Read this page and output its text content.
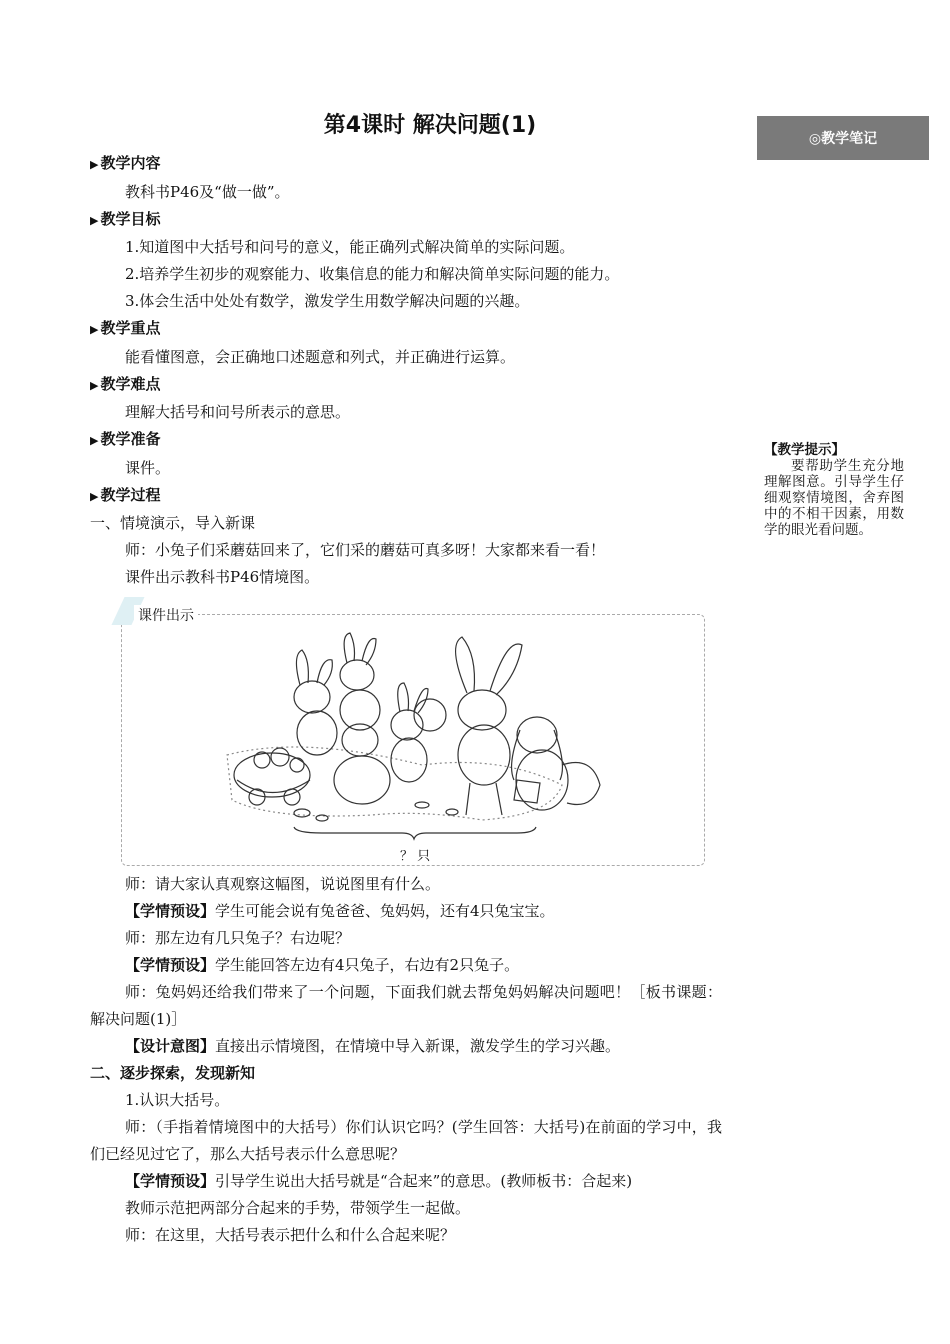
第4课时 解决问题(1)
◎教学笔记
【教学提示】
要帮助学生充分地理解图意。引导学生仔细观察情境图，舍弃图中的不相干因素，用数学的眼光看问题。
▶ 教学内容
教科书P46及“做一做”。
▶ 教学目标
1.知道图中大括号和问号的意义，能正确列式解决简单的实际问题。
2.培养学生初步的观察能力、收集信息的能力和解决简单实际问题的能力。
3.体会生活中处处有数学，激发学生用数学解决问题的兴趣。
▶ 教学重点
能看懂图意，会正确地口述题意和列式，并正确进行运算。
▶ 教学难点
理解大括号和问号所表示的意思。
▶ 教学准备
课件。
▶ 教学过程
一、情境演示，导入新课
师：小兔子们采蘑菇回来了，它们采的蘑菇可真多呀！大家都来看一看！
课件出示教科书P46情境图。
课件出示
？ 只
师：请大家认真观察这幅图，说说图里有什么。
【学情预设】学生可能会说有兔爸爸、兔妈妈，还有4只兔宝宝。
师：那左边有几只兔子？右边呢？
【学情预设】学生能回答左边有4只兔子，右边有2只兔子。
师：兔妈妈还给我们带来了一个问题，下面我们就去帮兔妈妈解决问题吧！［板书课题：解决问题(1)］
【设计意图】直接出示情境图，在情境中导入新课，激发学生的学习兴趣。
二、逐步探索，发现新知
1.认识大括号。
师：（手指着情境图中的大括号）你们认识它吗？(学生回答：大括号)在前面的学习中，我们已经见过它了，那么大括号表示什么意思呢？
【学情预设】引导学生说出大括号就是“合起来”的意思。(教师板书：合起来)
教师示范把两部分合起来的手势，带领学生一起做。
师：在这里，大括号表示把什么和什么合起来呢？
